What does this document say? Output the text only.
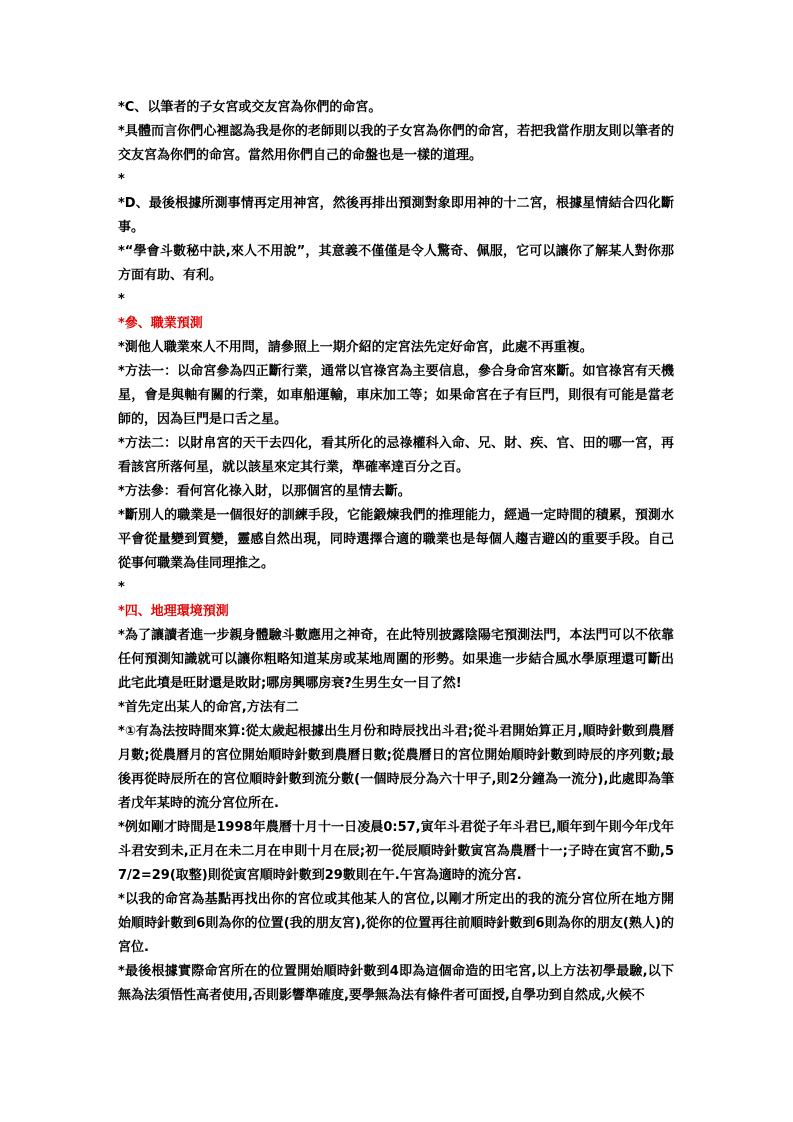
*C、以筆者的子女宮或交友宮為你們的命宮。
*具體而言你們心裡認為我是你的老師則以我的子女宮為你們的命宮，若把我當作朋友則以筆者的交友宮為你們的命宮。當然用你們自己的命盤也是一樣的道理。
*
*D、最後根據所測事情再定用神宮，然後再排出預測對象即用神的十二宮，根據星情結合四化斷事。
*“學會斗數秘中訣,來人不用說”，其意義不僅僅是令人驚奇、佩服，它可以讓你了解某人對你那方面有助、有利。
*
*參、職業預測
*測他人職業來人不用問，請參照上一期介紹的定宮法先定好命宮，此處不再重複。
*方法一：以命宮參為四正斷行業，通常以官祿宮為主要信息，參合身命宮來斷。如官祿宮有天機星，會是與軸有關的行業，如車船運輸，車床加工等；如果命宮在子有巨門，則很有可能是當老師的，因為巨門是口舌之星。
*方法二：以財帛宮的天干去四化，看其所化的忌祿權科入命、兄、財、疾、官、田的哪一宮，再看該宮所落何星，就以該星來定其行業，準確率達百分之百。
*方法參：看何宮化祿入財，以那個宮的星情去斷。
*斷別人的職業是一個很好的訓練手段，它能鍛煉我們的推理能力，經過一定時間的積累，預測水平會從量變到質變，靈感自然出現，同時選擇合適的職業也是每個人趨吉避凶的重要手段。自己從事何職業為佳同理推之。
*
*四、地理環境預測
*為了讓讀者進一步親身體驗斗數應用之神奇，在此特別披露陰陽宅預測法門，本法門可以不依靠任何預測知識就可以讓你粗略知道某房或某地周圍的形勢。如果進一步結合風水學原理還可斷出此宅此墳是旺財還是敗財;哪房興哪房衰?生男生女一目了然!
*首先定出某人的命宮,方法有二
*①有為法按時間來算:從太歲起根據出生月份和時辰找出斗君;從斗君開始算正月,順時針數到農曆月數;從農曆月的宮位開始順時針數到農曆日數;從農曆日的宮位開始順時針數到時辰的序列數;最後再從時辰所在的宮位順時針數到流分數(一個時辰分為六十甲子,則2分鐘為一流分),此處即為筆者戊年某時的流分宮位所在.
*例如剛才時間是1998年農曆十月十一日凌晨0:57,寅年斗君從子年斗君巳,順年到午則今年戊年斗君安到未,正月在未二月在申則十月在辰;初一從辰順時針數寅宮為農曆十一;子時在寅宮不動,57/2=29(取整)則從寅宮順時針數到29數則在午.午宮為適時的流分宮.
*以我的命宮為基點再找出你的宮位或其他某人的宮位,以剛才所定出的我的流分宮位所在地方開始順時針數到6則為你的位置(我的朋友宮),從你的位置再往前順時針數到6則為你的朋友(熟人)的宮位.
*最後根據實際命宮所在的位置開始順時針數到4即為這個命造的田宅宮,以上方法初學最驗,以下無為法須悟性高者使用,否則影響準確度,要學無為法有條件者可面授,自學功到自然成,火候不
